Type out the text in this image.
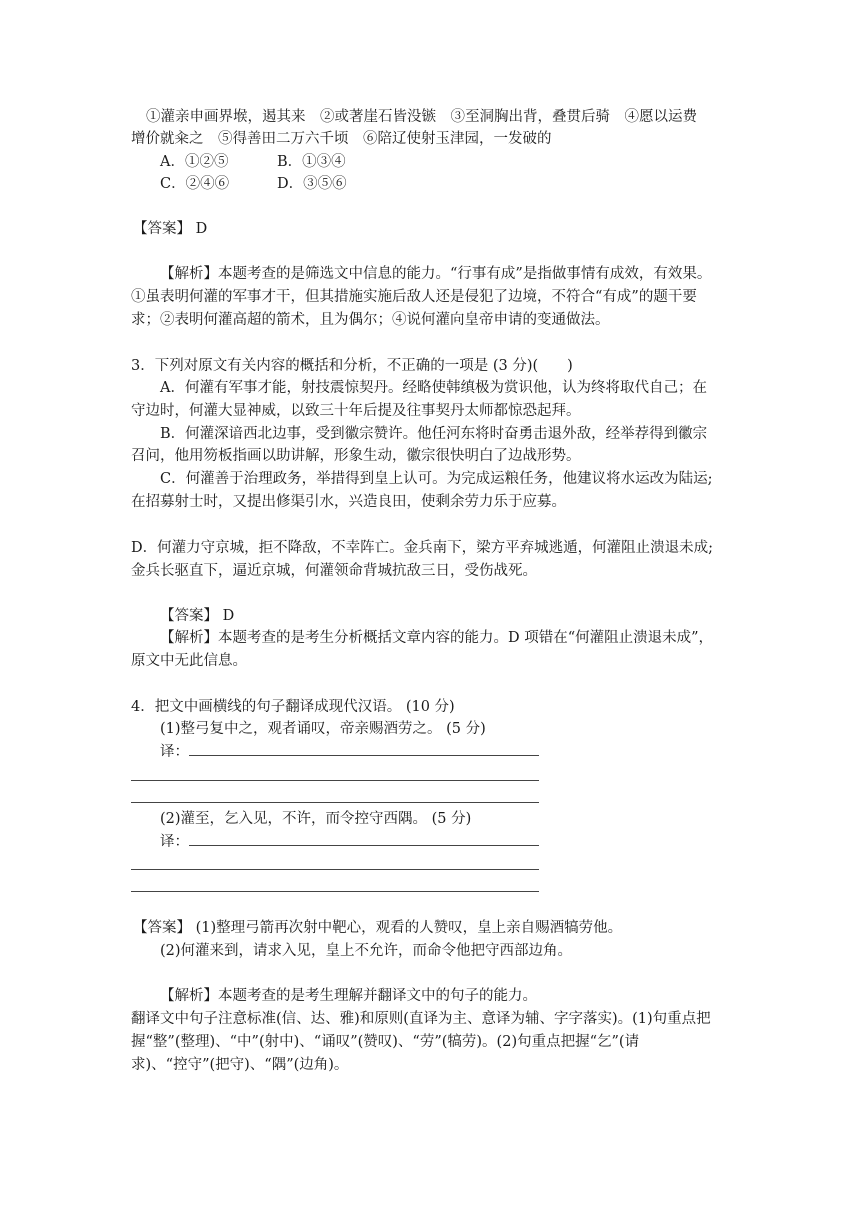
①灌亲申画界堠，遏其来　②或著崖石皆没镞　③至洞胸出背，叠贯后骑　④愿以运费
增价就籴之　⑤得善田二万六千顷　⑥陪辽使射玉津园，一发破的
A．①②⑤	B．①③④
C．②④⑥	D．③⑤⑥
【答案】 D
【解析】本题考查的是筛选文中信息的能力。“行事有成”是指做事情有成效，有效果。
①虽表明何灌的军事才干，但其措施实施后敌人还是侵犯了边境，不符合“有成”的题干要
求；②表明何灌高超的箭术，且为偶尔；④说何灌向皇帝申请的变通做法。
3．下列对原文有关内容的概括和分析，不正确的一项是 (3 分)(　　)
A．何灌有军事才能，射技震惊契丹。经略使韩缜极为赏识他，认为终将取代自己；在
守边时，何灌大显神威，以致三十年后提及往事契丹太师都惊恐起拜。
B．何灌深谙西北边事，受到徽宗赞许。他任河东将时奋勇击退外敌，经举荐得到徽宗
召问，他用笏板指画以助讲解，形象生动，徽宗很快明白了边战形势。
C．何灌善于治理政务，举措得到皇上认可。为完成运粮任务，他建议将水运改为陆运;
在招募射士时，又提出修渠引水，兴造良田，使剩余劳力乐于应募。
D．何灌力守京城，拒不降敌，不幸阵亡。金兵南下，梁方平弃城逃遁，何灌阻止溃退未成;
金兵长驱直下，逼近京城，何灌领命背城抗敌三日，受伤战死。
【答案】 D
【解析】本题考查的是考生分析概括文章内容的能力。D 项错在“何灌阻止溃退未成”，
原文中无此信息。
4．把文中画横线的句子翻译成现代汉语。 (10 分)
(1)整弓复中之，观者诵叹，帝亲赐酒劳之。 (5 分)
译：
(2)灌至，乞入见，不许，而令控守西隅。 (5 分)
译：
【答案】 (1)整理弓箭再次射中靶心，观看的人赞叹，皇上亲自赐酒犒劳他。
(2)何灌来到，请求入见，皇上不允许，而命令他把守西部边角。
【解析】本题考查的是考生理解并翻译文中的句子的能力。
翻译文中句子注意标准(信、达、雅)和原则(直译为主、意译为辅、字字落实)。(1)句重点把
握“整”(整理)、“中”(射中)、“诵叹”(赞叹)、“劳”(犒劳)。(2)句重点把握“乞”(请
求)、“控守”(把守)、“隅”(边角)。
